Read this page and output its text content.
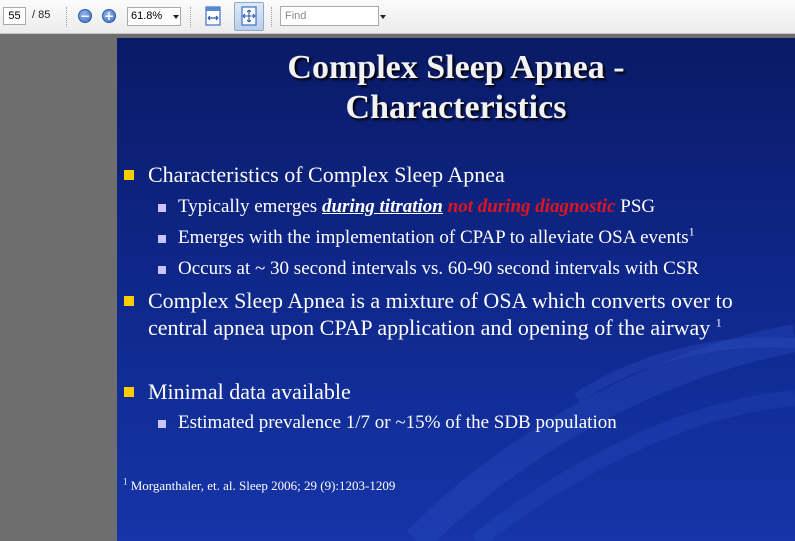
55
/ 85 − + 61.8%
Find
Complex Sleep Apnea -
Characteristics
Characteristics of Complex Sleep Apnea
Typically emerges during titration not during diagnostic PSG
Emerges with the implementation of CPAP to alleviate OSA events$^1$
Occurs at ~ 30 second intervals vs. 60-90 second intervals with CSR
Complex Sleep Apnea is a mixture of OSA which converts over to central apnea upon CPAP application and opening of the airway $^1$
Minimal data available
Estimated prevalence 1/7 or ~15% of the SDB population
$^1$ Morganthaler, et. al. Sleep 2006; 29 (9):1203-1209
